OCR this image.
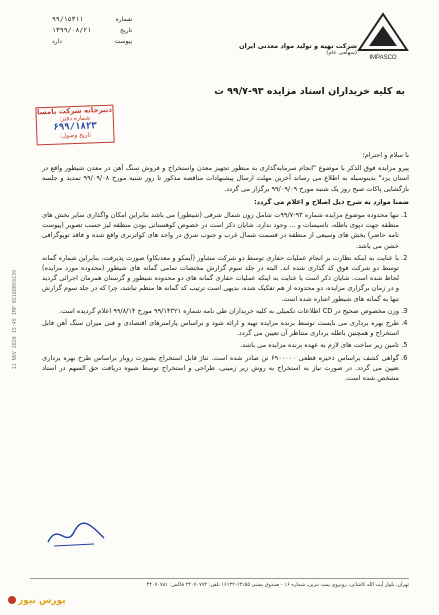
۹۹/۱۵۳۱۱	شماره
۱۳۹۹/۰۸/۲۱	تاریخ
دارد	پیوست
IMPASCO
شرکت تهیه و تولید مواد معدنی ایران
(سهامی عام)
به کلیه خریداران اسناد مزایده ۹۳-۹۹/۷ ت
دبیرخانه شرکت بامسا
شماره دفتر: ۶۹۹/۱۸۲۳
تاریخ وصول:

با سلام و احترام؛

پیرو مزایده فوق الذکر با موضوع "انجام سرمایه‌گذاری به منظور تجهیز معدن واستخراج و فروش سنگ آهن در معدن شیطور واقع در استان یزد" بدینوسیله به اطلاع می رساند آخرین مهلت ارسال پیشنهادات مناقصه مذکور تا روز شنبه مورخ ۹۹/۰۹/۰۸ تمدید و جلسه بازگشایی پاکات صبح روز یک شنبه مورخ ۹۹/۰۹/۰۹ برگزار می گردد.

ضمنا موارد به شرح ذیل اصلاح و اعلام می گردد:

1. تنها محدوده موضوع مزایده شماره ۹۳-۹۹/۷ت شامل زون شمال شرقی (شیطور) می باشد بنابراین امکان واگذاری سایر بخش های منطقه جهت دپوی باطله، تاسیسات و ... وجود ندارد. شایان ذکر است در خصوص کوهستانی بودن منطقه لیز حسب تصویر (پیوست نامه حاضر) بخش های وسیعی از منطقه در قسمت شمال غرب و جنوب شرق در واحد های کواترنری واقع شده و فاقد توپوگرافی خشن می باشد.
2. با عنایت به اینکه نظارت بر انجام عملیات حفاری توسط دو شرکت مشاور (آیمکو و معدنکاو) صورت پذیرفت، بنابراین شماره گمانه توسط دو شرکت فوق کد گذاری شده اند. البته در جلد سوم گزارش مختصات تمامی گمانه های شیطور (محدوده مورد مزایده) لحاظ شده است. شایان ذکر است با عنایت به اینکه عملیات حفاری گمانه های دو محدوده شیطور و گزستان همزمان اجرائی گردید و در زمان برگزاری مزایده، دو محدوده از هم تفکیک شده، بدیهی است ترتیب کد گمانه ها منظم نباشد، چرا که در جلد سوم گزارش تنها به گمانه های شیطور اشاره شده است.
3. وزن مخصوص صحیح در CD اطلاعات تکمیلی به کلیه خریداران طی نامه شماره ۹۹/۱۴۳۲۱ مورخ ۹۹/۸/۱۴ اعلام گردیده است.
4. طرح بهره برداری می بایست توسط برنده مزایده تهیه و ارائه شود و براساس پارامترهای اقتصادی و فنی میزان سنگ آهن قابل استخراج و همچنین باطله برداری متناظر آن تعیین می گردد.
5. تامین زیر ساخت های لازم به عهده برنده مزایده می باشد.
6. گواهی کشف براساس ذخیره قطعی ۶۹۰۰۰۰۰ تن صادر شده است. تناژ قابل استخراج بصورت روباز براساس طرح بهره برداری تعیین می گردد. در صورت نیاز به استخراج به روش زیر زمینی، طراحی و استخراج توسط شیوه دریافت حق السهم در اسناد مشخص شده است.
11 NOV 2020 15:45 ‏IMP ‏02188059239
تهران، بلوار آیت الله کاشانی، روبروی پمپ بنزین، شماره ۱۶ - صندوق پستی ۱۳۱۵۵-۱۶۱۳۲ تلفن: ۴۴۰۷۰۷۷۲ فاکس: ۴۴۰۷۰۷۸۱
بورس نیوز
